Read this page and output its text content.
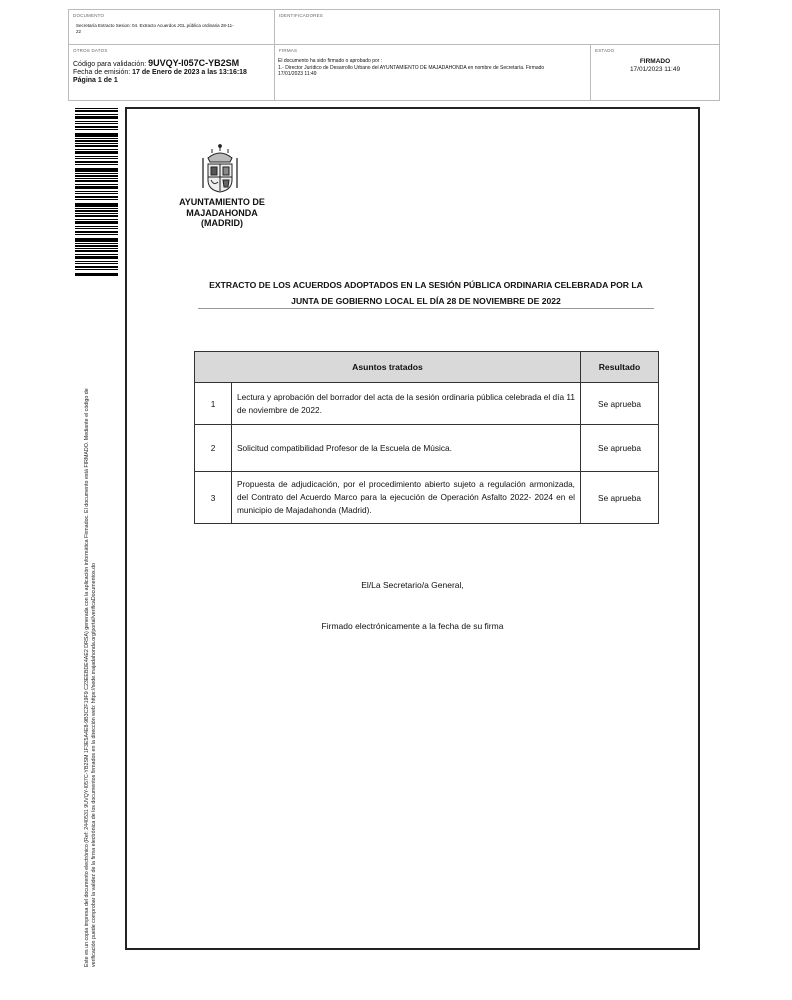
DOCUMENTO
Secretaría Extracto Sesion: 04. Extracto Acuerdos JGL pública ordinaria 28-11-22
IDENTIFICADORES
OTROS DATOS
Código para validación: 9UVQY-I057C-YB2SM
Fecha de emisión: 17 de Enero de 2023 a las 13:16:18
Página 1 de 1
FIRMAS
El documento ha sido firmado o aprobado por :
1.- Director Jurídico de Desarrollo Urbano del AYUNTAMIENTO DE MAJADAHONDA en nombre de Secretaría. Firmado
17/01/2023 11:49
ESTADO
FIRMADO
17/01/2023 11:49
Este es un copia impresa del documento electrónico (Ref: 2440531 9UVQY-I057C-YB2SM 1F3E5A4E8-9B3C2F19F9 C23EEBDE4AE2 DRSA) generada con la aplicación informática Firmadoc. El documento está FIRMADO. Mediante el código de verificación puede comprobar la validez de la firma electrónica de los documentos firmados en la dirección web: https://sede.majadahonda.org/portal/verificaDocumentos.do
AYUNTAMIENTO DE
MAJADAHONDA
(MADRID)
EXTRACTO DE LOS ACUERDOS ADOPTADOS EN LA SESIÓN PÚBLICA ORDINARIA CELEBRADA POR LA
JUNTA DE GOBIERNO LOCAL EL DÍA 28 DE NOVIEMBRE DE 2022
Asuntos tratados		Resultado
1	Lectura y aprobación del borrador del acta de la sesión ordinaria pública celebrada el día 11 de noviembre de 2022.	Se aprueba
2	Solicitud compatibilidad Profesor de la Escuela de Música.	Se aprueba
3	Propuesta de adjudicación, por el procedimiento abierto sujeto a regulación armonizada, del Contrato del Acuerdo Marco para la ejecución de Operación Asfalto 2022- 2024 en el municipio de Majadahonda (Madrid).	Se aprueba
El/La Secretario/a General,
Firmado electrónicamente a la fecha de su firma
